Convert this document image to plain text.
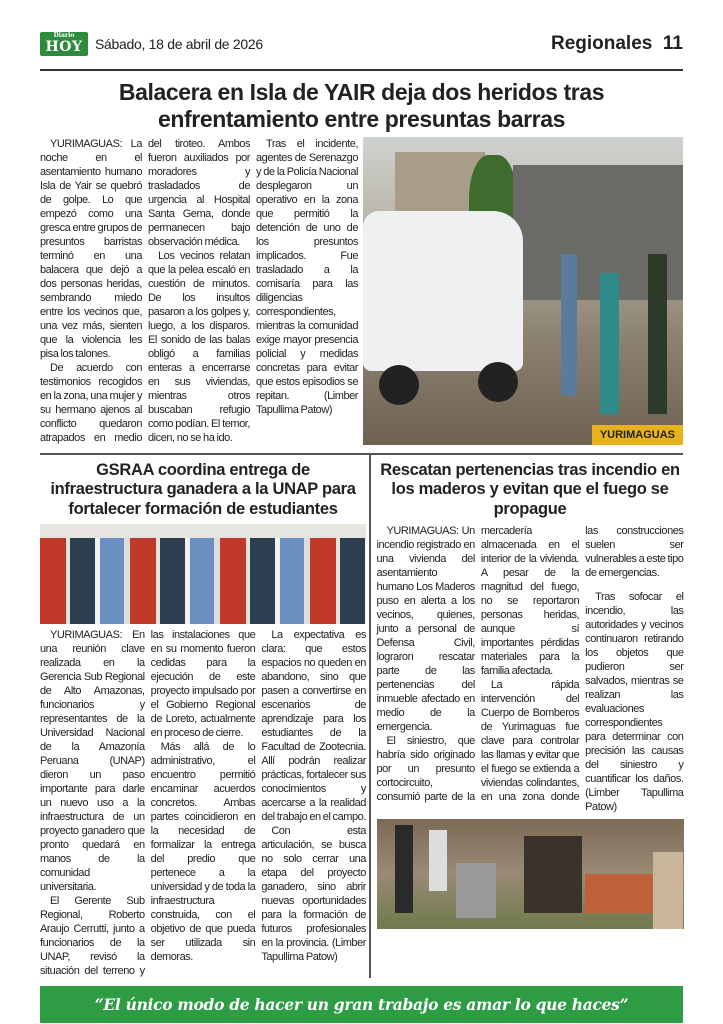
Diario
HOY Sábado, 18 de abril de 2026	Regionales 11
Balacera en Isla de YAIR deja dos heridos tras enfrentamiento entre presuntas barras

YURIMAGUAS: La noche en el asentamiento humano Isla de Yair se quebró de golpe. Lo que empezó como una gresca entre grupos de presuntos barristas terminó en una balacera que dejó a dos personas heridas, sembrando miedo entre los vecinos que, una vez más, sienten que la violencia les pisa los talones.

De acuerdo con testimonios recogidos en la zona, una mujer y su hermano ajenos al conflicto quedaron atrapados en medio del tiroteo. Ambos fueron auxiliados por moradores y trasladados de urgencia al Hospital Santa Gema, donde permanecen bajo observación médica.

Los vecinos relatan que la pelea escaló en cuestión de minutos. De los insultos pasaron a los golpes y, luego, a los disparos. El sonido de las balas obligó a familias enteras a encerrarse en sus viviendas, mientras otros buscaban refugio como podían. El temor, dicen, no se ha ido.

Tras el incidente, agentes de Serenazgo y de la Policía Nacional desplegaron un operativo en la zona que permitió la detención de uno de los presuntos implicados. Fue trasladado a la comisaría para las diligencias correspondientes, mientras la comunidad exige mayor presencia policial y medidas concretas para evitar que estos episodios se repitan. (Limber Tapullima Patow)

YURIMAGUAS
GSRAA coordina entrega de infraestructura ganadera a la UNAP para fortalecer formación de estudiantes

YURIMAGUAS: En una reunión clave realizada en la Gerencia Sub Regional de Alto Amazonas, funcionarios y representantes de la Universidad Nacional de la Amazonía Peruana (UNAP) dieron un paso importante para darle un nuevo uso a la infraestructura de un proyecto ganadero que pronto quedará en manos de la comunidad universitaria.

El Gerente Sub Regional, Roberto Araujo Cerrutti, junto a funcionarios de la UNAP, revisó la situación del terreno y las instalaciones que en su momento fueron cedidas para la ejecución de este proyecto impulsado por el Gobierno Regional de Loreto, actualmente en proceso de cierre.

Más allá de lo administrativo, el encuentro permitió encaminar acuerdos concretos. Ambas partes coincidieron en la necesidad de formalizar la entrega del predio que pertenece a la universidad y de toda la infraestructura construida, con el objetivo de que pueda ser utilizada sin demoras.

La expectativa es clara: que estos espacios no queden en abandono, sino que pasen a convertirse en escenarios de aprendizaje para los estudiantes de la Facultad de Zootecnia. Allí podrán realizar prácticas, fortalecer sus conocimientos y acercarse a la realidad del trabajo en el campo.

Con esta articulación, se busca no solo cerrar una etapa del proyecto ganadero, sino abrir nuevas oportunidades para la formación de futuros profesionales en la provincia. (Limber Tapullima Patow)

Rescatan pertenencias tras incendio en los maderos y evitan que el fuego se propague

YURIMAGUAS: Un incendio registrado en una vivienda del asentamiento humano Los Maderos puso en alerta a los vecinos, quienes, junto a personal de Defensa Civil, lograron rescatar parte de las pertenencias del inmueble afectado en medio de la emergencia.

El siniestro, que habría sido originado por un presunto cortocircuito, consumió parte de la mercadería almacenada en el interior de la vivienda. A pesar de la magnitud del fuego, no se reportaron personas heridas, aunque sí importantes pérdidas materiales para la familia afectada.

La rápida intervención del Cuerpo de Bomberos de Yurimaguas fue clave para controlar las llamas y evitar que el fuego se extienda a viviendas colindantes, en una zona donde las construcciones suelen ser vulnerables a este tipo de emergencias.

Tras sofocar el incendio, las autoridades y vecinos continuaron retirando los objetos que pudieron ser salvados, mientras se realizan las evaluaciones correspondientes para determinar con precisión las causas del siniestro y cuantificar los daños. (Limber Tapullima Patow)

“El único modo de hacer un gran trabajo es amar lo que haces”
